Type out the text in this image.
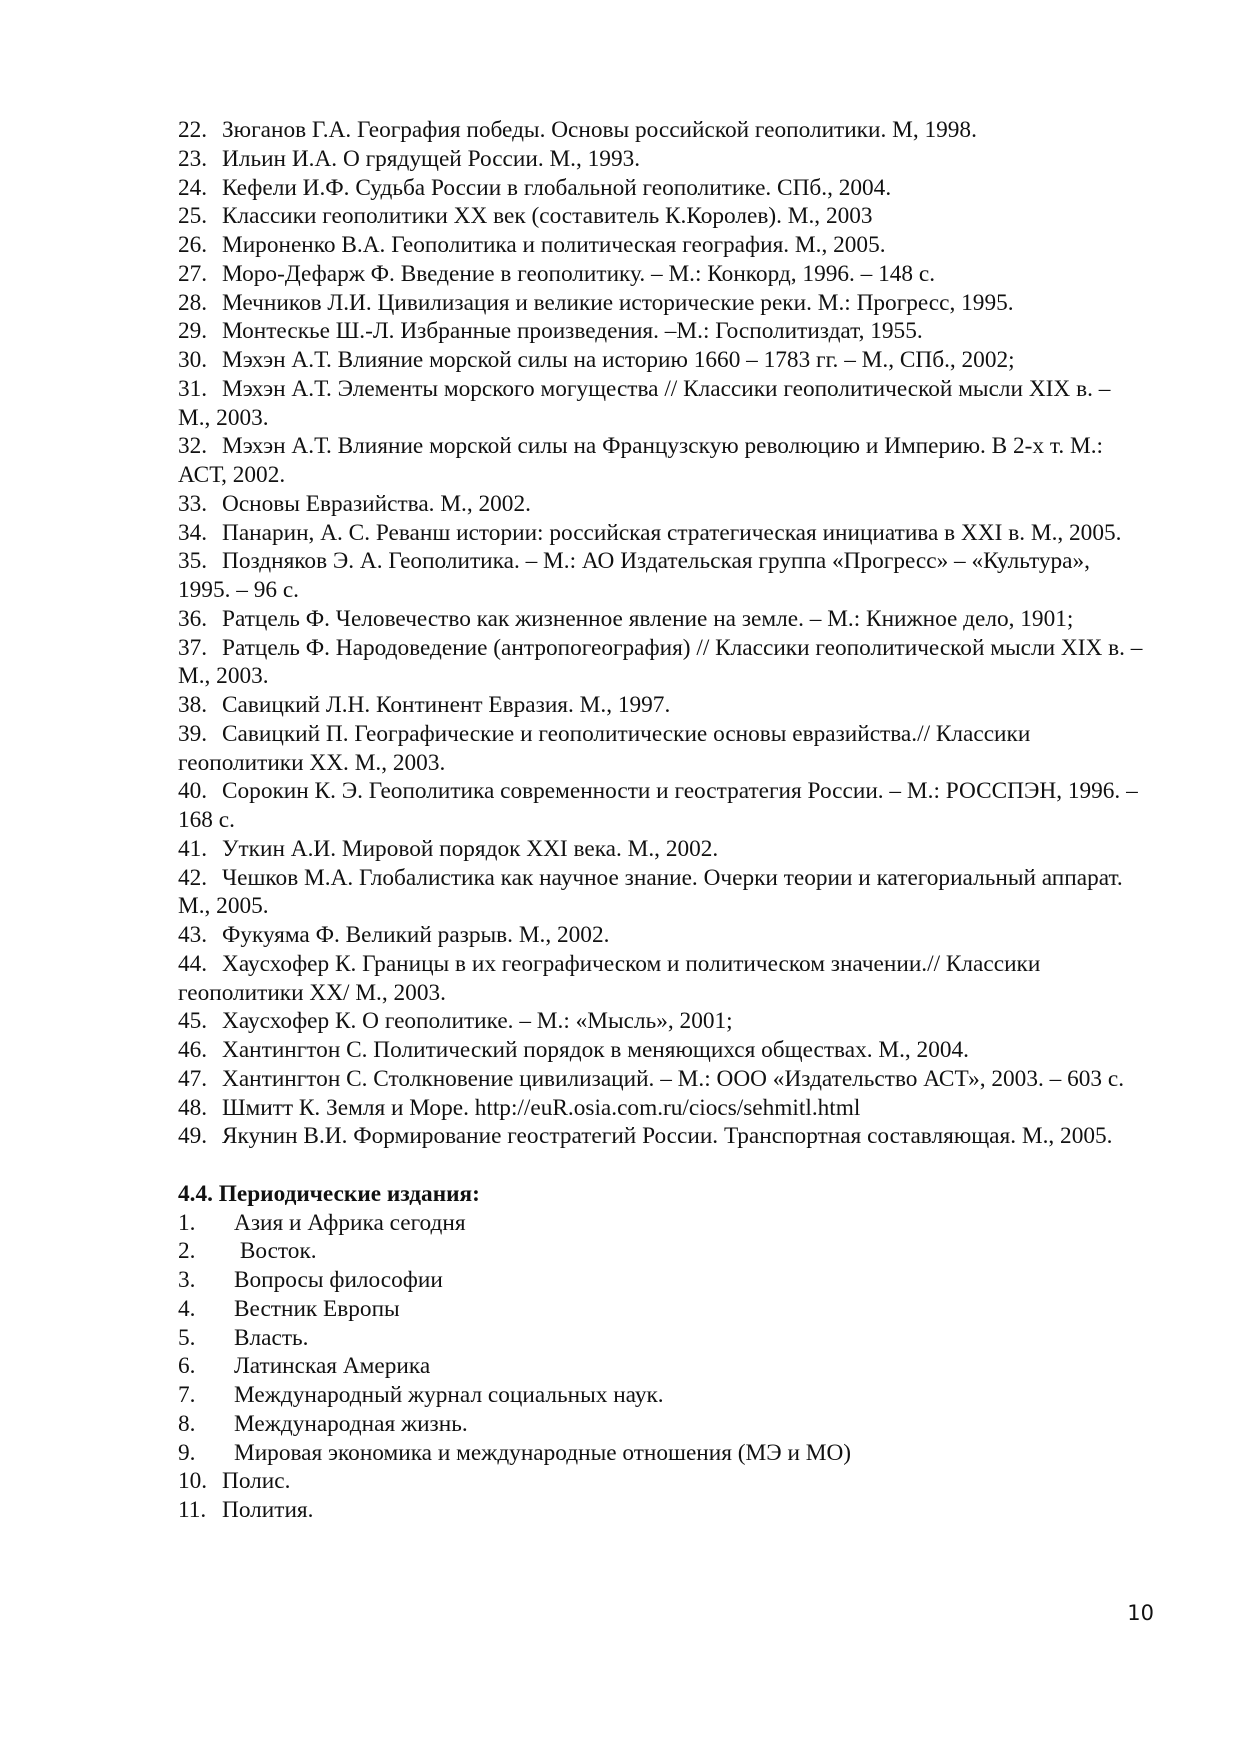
22. Зюганов Г.А. География победы. Основы российской геополитики. М, 1998.

23. Ильин И.А. О грядущей России. М., 1993.

24. Кефели И.Ф. Судьба России в глобальной геополитике. СПб., 2004.

25. Классики геополитики XX век (составитель К.Королев). М., 2003

26. Мироненко В.А. Геополитика и политическая география. М., 2005.

27. Моро-Дефарж Ф. Введение в геополитику. – М.: Конкорд, 1996. – 148 с.

28. Мечников Л.И. Цивилизация и великие исторические реки. М.: Прогресс, 1995.

29. Монтескье Ш.-Л. Избранные произведения. –М.: Госполитиздат, 1955.

30. Мэхэн А.Т. Влияние морской силы на историю 1660 – 1783 гг. – М., СПб., 2002;

31. Мэхэн А.Т. Элементы морского могущества // Классики геополитической мысли XIX в. – М., 2003.

32. Мэхэн А.Т. Влияние морской силы на Французскую революцию и Империю. В 2-х т. М.: АСТ, 2002.

33. Основы Евразийства. М., 2002.

34. Панарин, А. С. Реванш истории: российская стратегическая инициатива в XXI в. М., 2005.

35. Поздняков Э. А. Геополитика. – М.: АО Издательская группа «Прогресс» – «Культура», 1995. – 96 с.

36. Ратцель Ф. Человечество как жизненное явление на земле. – М.: Книжное дело, 1901;

37. Ратцель Ф. Народоведение (антропогеография) // Классики геополитической мысли XIX в. – М., 2003.

38. Савицкий Л.Н. Континент Евразия. М., 1997.

39. Савицкий П. Географические и геополитические основы евразийства.// Классики геополитики XX. М., 2003.

40. Сорокин К. Э. Геополитика современности и геостратегия России. – М.: РОССПЭН, 1996. – 168 с.

41. Уткин А.И. Мировой порядок XXI века. М., 2002.

42. Чешков М.А. Глобалистика как научное знание. Очерки теории и категориальный аппарат. М., 2005.

43. Фукуяма Ф. Великий разрыв. М., 2002.

44. Хаусхофер К. Границы в их географическом и политическом значении.// Классики геополитики XX/ М., 2003.

45. Хаусхофер К. О геополитике. – М.: «Мысль», 2001;

46. Хантингтон С. Политический порядок в меняющихся обществах. М., 2004.

47. Хантингтон С. Столкновение цивилизаций. – М.: ООО «Издательство АСТ», 2003. – 603 с.

48. Шмитт К. Земля и Море. http://euR.osia.com.ru/ciocs/sehmitl.html

49. Якунин В.И. Формирование геостратегий России. Транспортная составляющая. М., 2005.

4.4. Периодические издания:

1. Азия и Африка сегодня

2. Восток.

3. Вопросы философии

4. Вестник Европы

5. Власть.

6. Латинская Америка

7. Международный журнал социальных наук.

8. Международная жизнь.

9. Мировая экономика и международные отношения (МЭ и МО)

10. Полис.

11. Полития.

10
